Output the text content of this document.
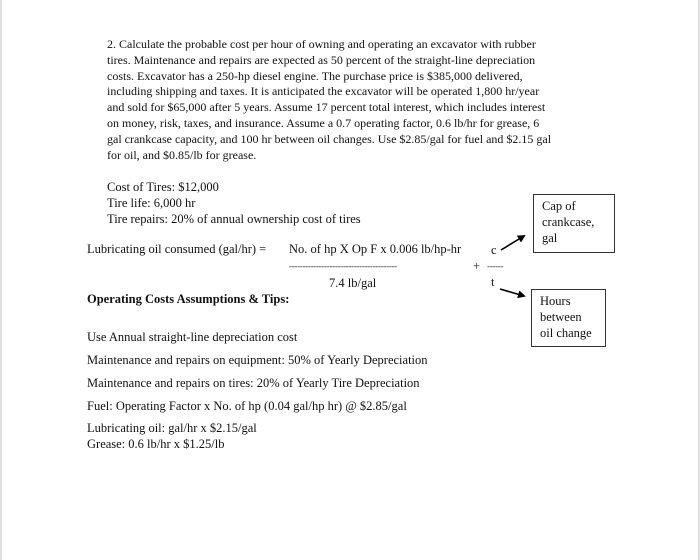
2. Calculate the probable cost per hour of owning and operating an excavator with rubber

tires. Maintenance and repairs are expected as 50 percent of the straight-line depreciation

costs. Excavator has a 250-hp diesel engine. The purchase price is $385,000 delivered,

including shipping and taxes. It is anticipated the excavator will be operated 1,800 hr/year

and sold for $65,000 after 5 years. Assume 17 percent total interest, which includes interest

on money, risk, taxes, and insurance. Assume a 0.7 operating factor, 0.6 lb/hr for grease, 6

gal crankcase capacity, and 100 hr between oil changes. Use $2.85/gal for fuel and $2.15 gal

for oil, and $0.85/lb for grease.

Cost of Tires: $12,000
Tire life: 6,000 hr
Tire repairs: 20% of annual ownership cost of tires
Lubricating oil consumed (gal/hr) = No. of hp X Op F x 0.006 lb/hp-hr c
----------------------------------------	+ ------
7.4 lb/gal	t
Cap of
crankcase,
gal
Hours
between
oil change
Operating Costs Assumptions & Tips:
Use Annual straight-line depreciation cost
Maintenance and repairs on equipment: 50% of Yearly Depreciation
Maintenance and repairs on tires: 20% of Yearly Tire Depreciation
Fuel: Operating Factor x No. of hp (0.04 gal/hp hr) @ $2.85/gal
Lubricating oil: gal/hr x $2.15/gal
Grease: 0.6 lb/hr x $1.25/lb
